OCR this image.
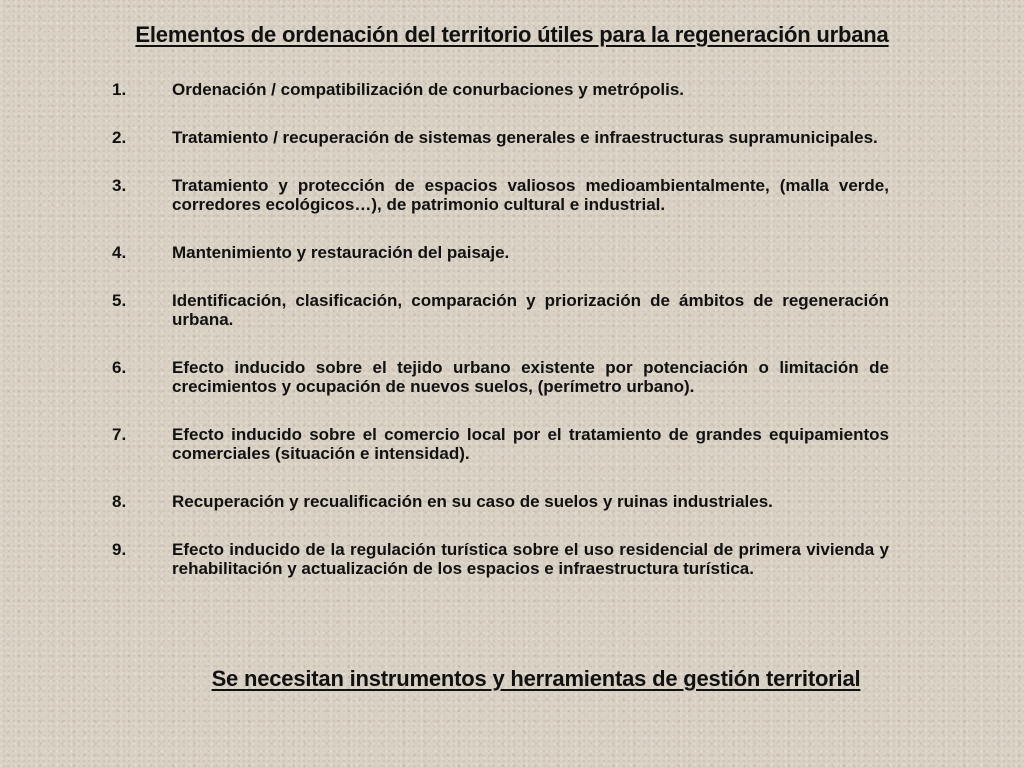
Elementos de ordenación del territorio útiles para la regeneración urbana
1.	Ordenación / compatibilización de conurbaciones y metrópolis.
2.	Tratamiento / recuperación de sistemas generales e infraestructuras supramunicipales.
3.	Tratamiento y protección de espacios valiosos medioambientalmente, (malla verde, corredores ecológicos…), de patrimonio cultural e industrial.
4.	Mantenimiento y restauración del paisaje.
5.	Identificación, clasificación, comparación y priorización de ámbitos de regeneración urbana.
6.	Efecto inducido sobre el tejido urbano existente por potenciación o limitación de crecimientos y ocupación de nuevos suelos, (perímetro urbano).
7.	Efecto inducido sobre el comercio local por el tratamiento de grandes equipamientos comerciales (situación e intensidad).
8.	Recuperación y recualificación en su caso de suelos y ruinas industriales.
9.	Efecto inducido de la regulación turística sobre el uso residencial de primera vivienda y rehabilitación y actualización de los espacios e infraestructura turística.
Se necesitan instrumentos y herramientas de gestión territorial
